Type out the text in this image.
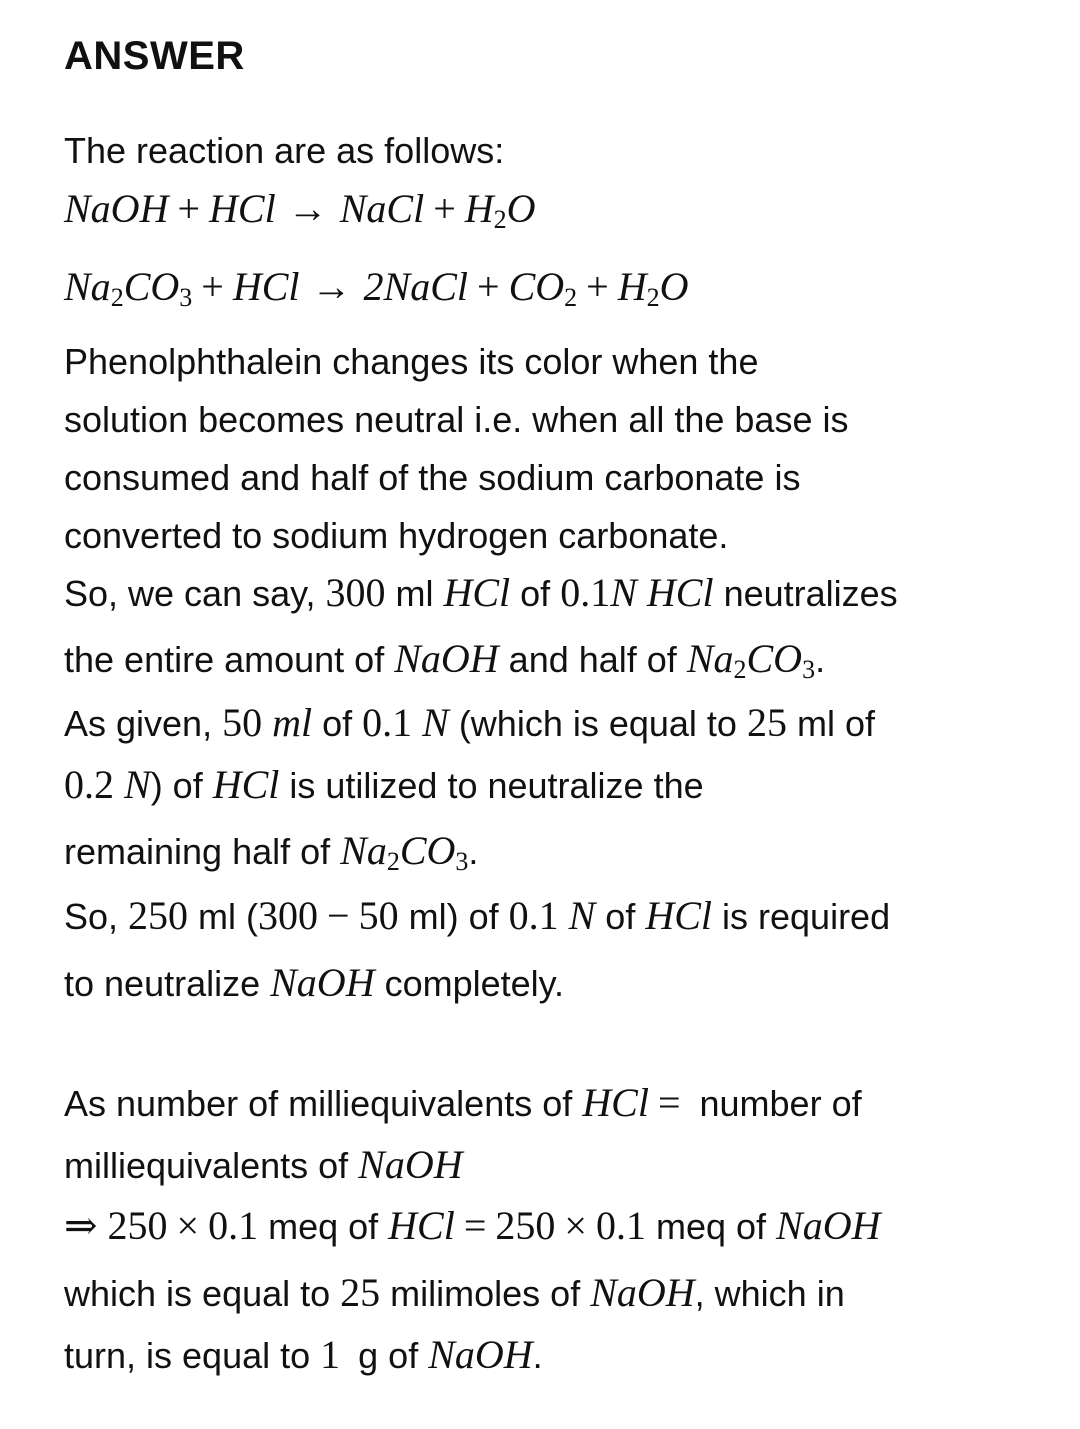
ANSWER
The reaction are as follows:
NaOH + HCl → NaCl + $H_2O$
$Na_2CO_3$ + HCl → 2NaCl + $CO_2 + H_2O$
Phenolphthalein changes its color when the
solution becomes neutral i.e. when all the base is
consumed and half of the sodium carbonate is
converted to sodium hydrogen carbonate.
So, we can say, 300 ml HCl of 0.1N HCl neutralizes
the entire amount of NaOH and half of $Na_2CO_3$.
As given, 50 ml of 0.1 N (which is equal to 25 ml of
0.2 N) of HCl is utilized to neutralize the
remaining half of $Na_2CO_3$.
So, 250 ml (300 − 50 ml) of 0.1 N of HCl is required
to neutralize NaOH completely.
As number of milliequivalents of HCl = number of
milliequivalents of NaOH
⇒ 250 × 0.1 meq of HCl = 250 × 0.1 meq of NaOH
which is equal to 25 milimoles of NaOH, which in
turn, is equal to 1 g of NaOH.
